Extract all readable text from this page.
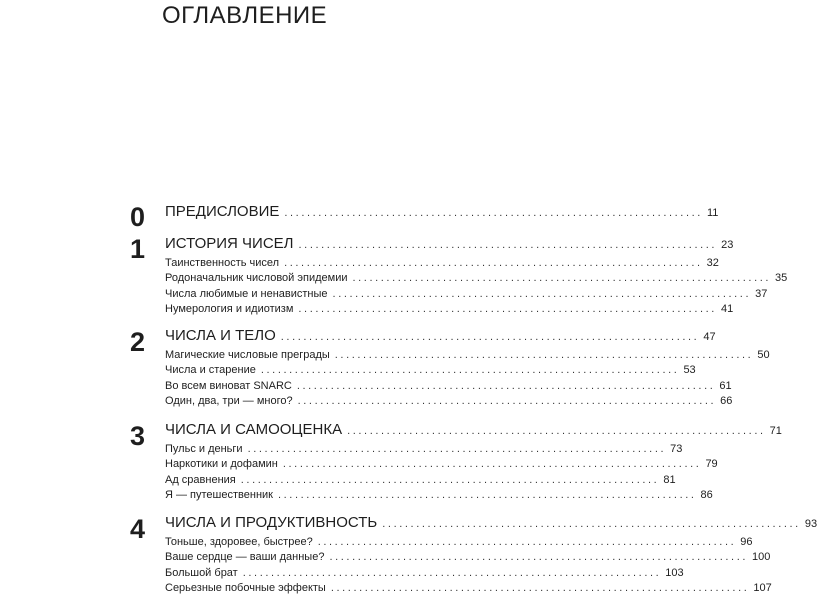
ОГЛАВЛЕНИЕ
0 ПРЕДИСЛОВИЕ .......................................................................... 11
1 ИСТОРИЯ ЧИСЕЛ .......................................................................... 23
Таинственность чисел .......................................................................... 32
Родоначальник числовой эпидемии .......................................................................... 35
Числа любимые и ненавистные .......................................................................... 37
Нумерология и идиотизм .......................................................................... 41
2 ЧИСЛА И ТЕЛО .......................................................................... 47
Магические числовые преграды .......................................................................... 50
Числа и старение .......................................................................... 53
Во всем виноват SNARC .......................................................................... 61
Один, два, три — много? .......................................................................... 66
3 ЧИСЛА И САМООЦЕНКА .......................................................................... 71
Пульс и деньги .......................................................................... 73
Наркотики и дофамин .......................................................................... 79
Ад сравнения .......................................................................... 81
Я — путешественник .......................................................................... 86
4 ЧИСЛА И ПРОДУКТИВНОСТЬ .......................................................................... 93
Тоньше, здоровее, быстрее? .......................................................................... 96
Ваше сердце — ваши данные? .......................................................................... 100
Большой брат .......................................................................... 103
Серьезные побочные эффекты .......................................................................... 107
